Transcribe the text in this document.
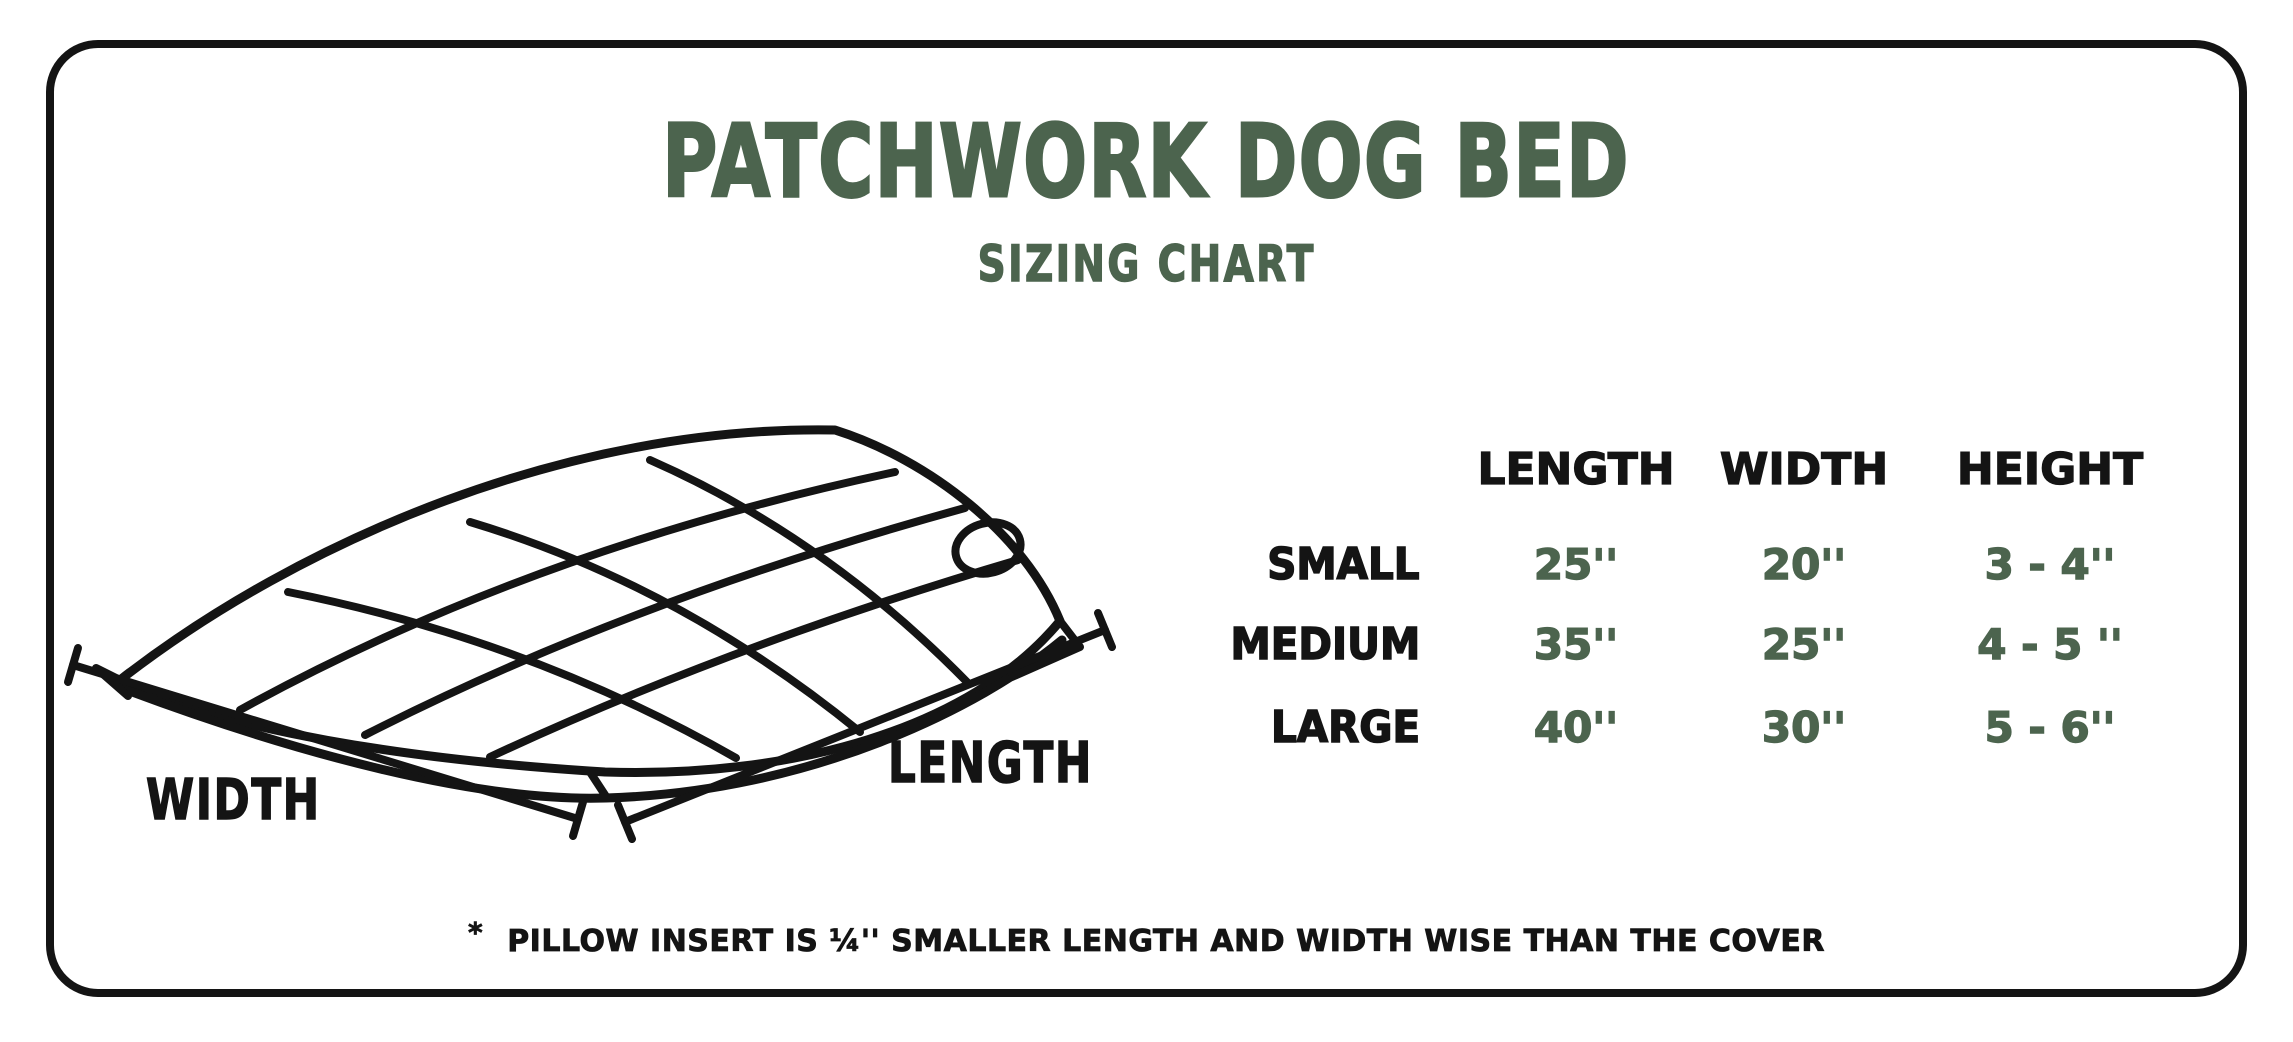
PATCHWORK DOG BED
SIZING CHART
WIDTH
LENGTH
LENGTH	WIDTH	HEIGHT
SMALL	25''	20''	3 - 4''
MEDIUM	35''	25''	4 - 5 ''
LARGE	40''	30''	5 - 6''
* PILLOW INSERT IS ¼'' SMALLER LENGTH AND WIDTH WISE THAN THE COVER
